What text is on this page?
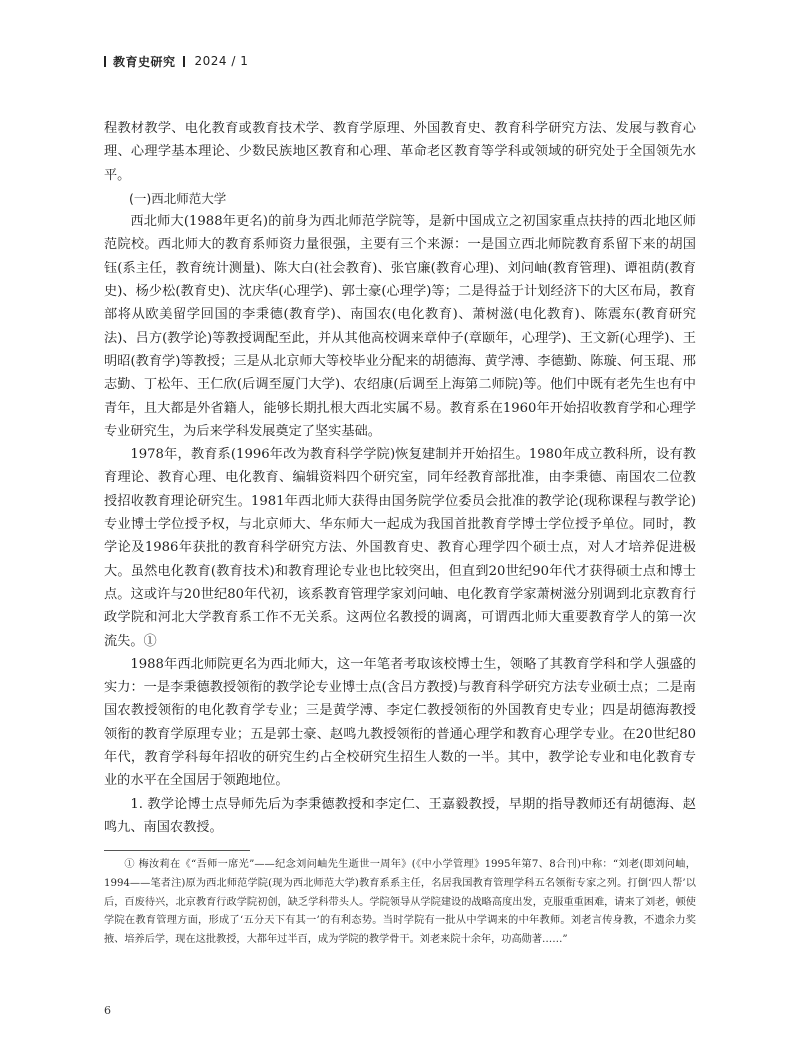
教育史研究 2024 / 1

程教材教学、电化教育或教育技术学、教育学原理、外国教育史、教育科学研究方法、发展与教育心理、心理学基本理论、少数民族地区教育和心理、革命老区教育等学科或领域的研究处于全国领先水平。

(一)西北师范大学

西北师大(1988年更名)的前身为西北师范学院等，是新中国成立之初国家重点扶持的西北地区师范院校。西北师大的教育系师资力量很强，主要有三个来源：一是国立西北师院教育系留下来的胡国钰(系主任，教育统计测量)、陈大白(社会教育)、张官廉(教育心理)、刘问岫(教育管理)、谭祖荫(教育史)、杨少松(教育史)、沈庆华(心理学)、郭士豪(心理学)等；二是得益于计划经济下的大区布局，教育部将从欧美留学回国的李秉德(教育学)、南国农(电化教育)、萧树滋(电化教育)、陈震东(教育研究法)、吕方(教学论)等教授调配至此，并从其他高校调来章仲子(章颐年，心理学)、王文新(心理学)、王明昭(教育学)等教授；三是从北京师大等校毕业分配来的胡德海、黄学溥、李德勤、陈璇、何玉琨、邢志勤、丁松年、王仁欣(后调至厦门大学)、农绍康(后调至上海第二师院)等。他们中既有老先生也有中青年，且大都是外省籍人，能够长期扎根大西北实属不易。教育系在1960年开始招收教育学和心理学专业研究生，为后来学科发展奠定了坚实基础。

1978年，教育系(1996年改为教育科学学院)恢复建制并开始招生。1980年成立教科所，设有教育理论、教育心理、电化教育、编辑资料四个研究室，同年经教育部批准，由李秉德、南国农二位教授招收教育理论研究生。1981年西北师大获得由国务院学位委员会批准的教学论(现称课程与教学论)专业博士学位授予权，与北京师大、华东师大一起成为我国首批教育学博士学位授予单位。同时，教学论及1986年获批的教育科学研究方法、外国教育史、教育心理学四个硕士点，对人才培养促进极大。虽然电化教育(教育技术)和教育理论专业也比较突出，但直到20世纪90年代才获得硕士点和博士点。这或许与20世纪80年代初，该系教育管理学家刘问岫、电化教育学家萧树滋分别调到北京教育行政学院和河北大学教育系工作不无关系。这两位名教授的调离，可谓西北师大重要教育学人的第一次流失。①

1988年西北师院更名为西北师大，这一年笔者考取该校博士生，领略了其教育学科和学人强盛的实力：一是李秉德教授领衔的教学论专业博士点(含吕方教授)与教育科学研究方法专业硕士点；二是南国农教授领衔的电化教育学专业；三是黄学溥、李定仁教授领衔的外国教育史专业；四是胡德海教授领衔的教育学原理专业；五是郭士豪、赵鸣九教授领衔的普通心理学和教育心理学专业。在20世纪80年代，教育学科每年招收的研究生约占全校研究生招生人数的一半。其中，教学论专业和电化教育专业的水平在全国居于领跑地位。

1. 教学论博士点导师先后为李秉德教授和李定仁、王嘉毅教授，早期的指导教师还有胡德海、赵鸣九、南国农教授。

① 梅汝莉在《“吾师一席光”——纪念刘问岫先生逝世一周年》(《中小学管理》1995年第7、8合刊)中称：“刘老(即刘问岫，1994——笔者注)原为西北师范学院(现为西北师范大学)教育系系主任，名居我国教育管理学科五名领衔专家之列。打倒‘四人帮’以后，百废待兴，北京教育行政学院初创，缺乏学科带头人。学院领导从学院建设的战略高度出发，克服重重困难，请来了刘老，顿使学院在教育管理方面，形成了‘五分天下有其一’的有利态势。当时学院有一批从中学调来的中年教师。刘老言传身教，不遗余力奖掖、培养后学，现在这批教授，大都年过半百，成为学院的教学骨干。刘老来院十余年，功高勋著……”

6
